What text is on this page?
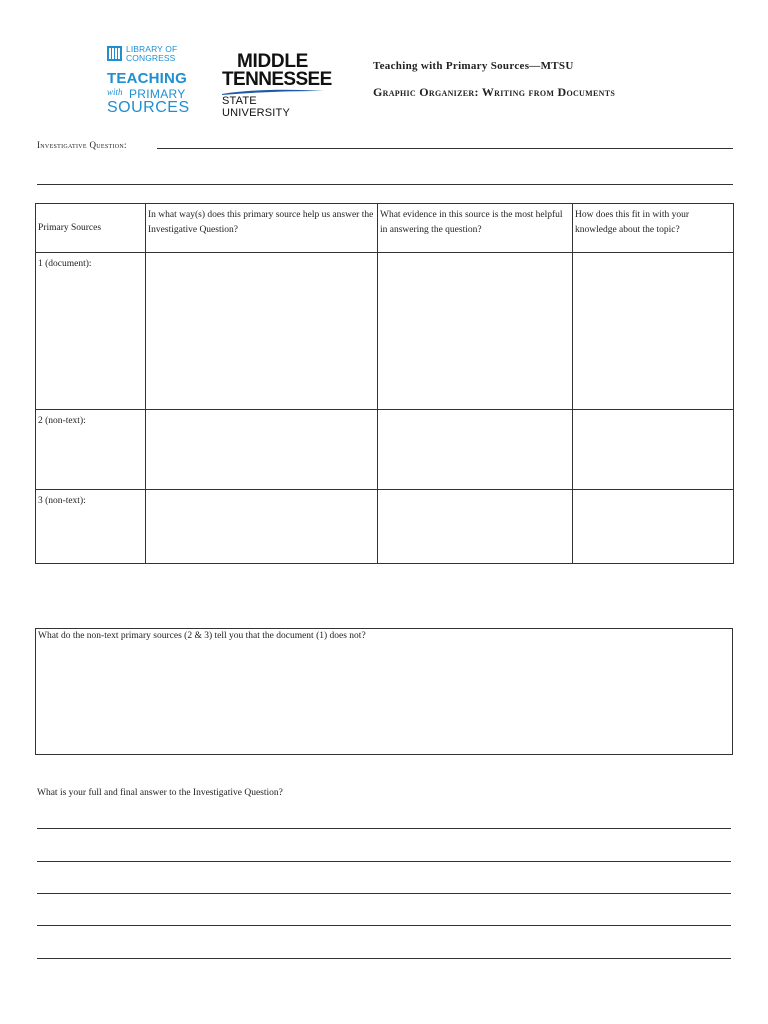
LIBRARY OF
CONGRESS
TEACHING
with PRIMARY
SOURCES
MIDDLE
TENNESSEE
STATE UNIVERSITY
Teaching with Primary Sources—MTSU
Graphic Organizer: Writing from Documents
Investigative Question:
Primary Sources	In what way(s) does this primary source help us answer the Investigative Question?	What evidence in this source is the most helpful in answering the question?	How does this fit in with your knowledge about the topic?
1 (document):			
2 (non-text):			
3 (non-text):			
What do the non-text primary sources (2 & 3) tell you that the document (1) does not?
What is your full and final answer to the Investigative Question?
